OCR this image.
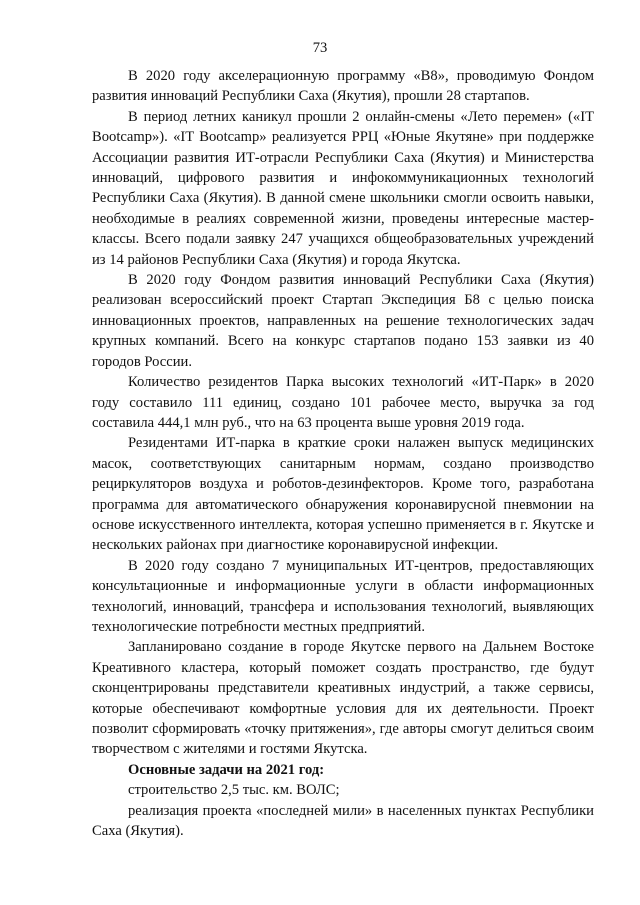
73

В 2020 году акселерационную программу «В8», проводимую Фондом развития инноваций Республики Саха (Якутия), прошли 28 стартапов.

В период летних каникул прошли 2 онлайн-смены «Лето перемен» («IT Bootcamp»). «IT Bootcamp» реализуется РРЦ «Юные Якутяне» при поддержке Ассоциации развития ИТ-отрасли Республики Саха (Якутия) и Министерства инноваций, цифрового развития и инфокоммуникационных технологий Республики Саха (Якутия). В данной смене школьники смогли освоить навыки, необходимые в реалиях современной жизни, проведены интересные мастер-классы. Всего подали заявку 247 учащихся общеобразовательных учреждений из 14 районов Республики Саха (Якутия) и города Якутска.

В 2020 году Фондом развития инноваций Республики Саха (Якутия) реализован всероссийский проект Стартап Экспедиция Б8 с целью поиска инновационных проектов, направленных на решение технологических задач крупных компаний. Всего на конкурс стартапов подано 153 заявки из 40 городов России.

Количество резидентов Парка высоких технологий «ИТ-Парк» в 2020 году составило 111 единиц, создано 101 рабочее место, выручка за год составила 444,1 млн руб., что на 63 процента выше уровня 2019 года.

Резидентами ИТ-парка в краткие сроки налажен выпуск медицинских масок, соответствующих санитарным нормам, создано производство рециркуляторов воздуха и роботов-дезинфекторов. Кроме того, разработана программа для автоматического обнаружения коронавирусной пневмонии на основе искусственного интеллекта, которая успешно применяется в г. Якутске и нескольких районах при диагностике коронавирусной инфекции.

В 2020 году создано 7 муниципальных ИТ-центров, предоставляющих консультационные и информационные услуги в области информационных технологий, инноваций, трансфера и использования технологий, выявляющих технологические потребности местных предприятий.

Запланировано создание в городе Якутске первого на Дальнем Востоке Креативного кластера, который поможет создать пространство, где будут сконцентрированы представители креативных индустрий, а также сервисы, которые обеспечивают комфортные условия для их деятельности. Проект позволит сформировать «точку притяжения», где авторы смогут делиться своим творчеством с жителями и гостями Якутска.

Основные задачи на 2021 год:

строительство 2,5 тыс. км. ВОЛС;

реализация проекта «последней мили» в населенных пунктах Республики Саха (Якутия).
